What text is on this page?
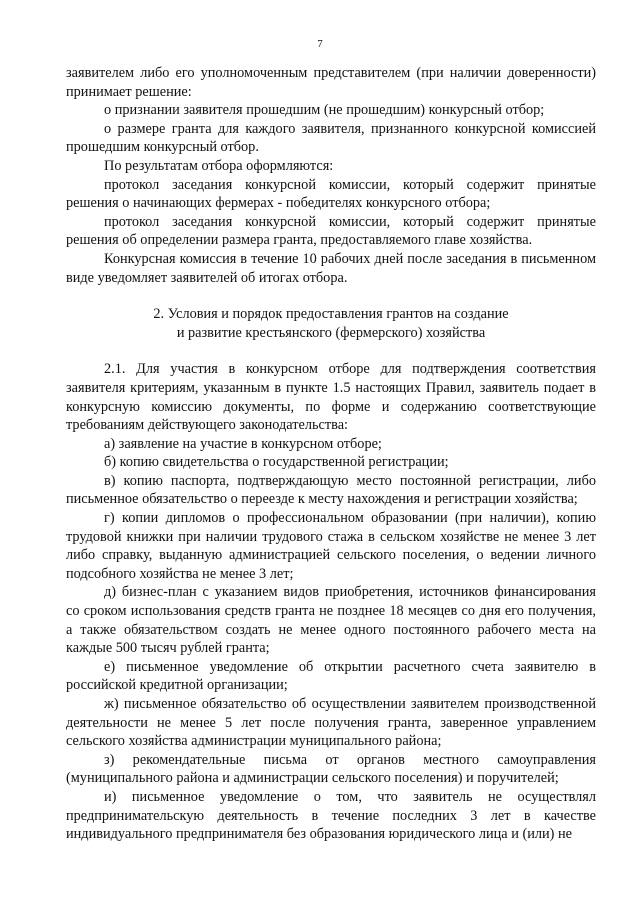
7

заявителем либо его уполномоченным представителем (при наличии доверенности) принимает решение:

о признании заявителя прошедшим (не прошедшим) конкурсный отбор;

о размере гранта для каждого заявителя, признанного конкурсной комиссией прошедшим конкурсный отбор.

По результатам отбора оформляются:

протокол заседания конкурсной комиссии, который содержит принятые решения о начинающих фермерах - победителях конкурсного отбора;

протокол заседания конкурсной комиссии, который содержит принятые решения об определении размера гранта, предоставляемого главе хозяйства.

Конкурсная комиссия в течение 10 рабочих дней после заседания в письменном виде уведомляет заявителей об итогах отбора.

2. Условия и порядок предоставления грантов на создание
и развитие крестьянского (фермерского) хозяйства

2.1. Для участия в конкурсном отборе для подтверждения соответствия заявителя критериям, указанным в пункте 1.5 настоящих Правил, заявитель подает в конкурсную комиссию документы, по форме и содержанию соответствующие требованиям действующего законодательства:

а) заявление на участие в конкурсном отборе;

б) копию свидетельства о государственной регистрации;

в) копию паспорта, подтверждающую место постоянной регистрации, либо письменное обязательство о переезде к месту нахождения и регистрации хозяйства;

г) копии дипломов о профессиональном образовании (при наличии), копию трудовой книжки при наличии трудового стажа в сельском хозяйстве не менее 3 лет либо справку, выданную администрацией сельского поселения, о ведении личного подсобного хозяйства не менее 3 лет;

д) бизнес-план с указанием видов приобретения, источников финансирования со сроком использования средств гранта не позднее 18 месяцев со дня его получения, а также обязательством создать не менее одного постоянного рабочего места на каждые 500 тысяч рублей гранта;

е) письменное уведомление об открытии расчетного счета заявителю в российской кредитной организации;

ж) письменное обязательство об осуществлении заявителем производственной деятельности не менее 5 лет после получения гранта, заверенное управлением сельского хозяйства администрации муниципального района;

з) рекомендательные письма от органов местного самоуправления (муниципального района и администрации сельского поселения) и поручителей;

и) письменное уведомление о том, что заявитель не осуществлял предпринимательскую деятельность в течение последних 3 лет в качестве индивидуального предпринимателя без образования юридического лица и (или) не
